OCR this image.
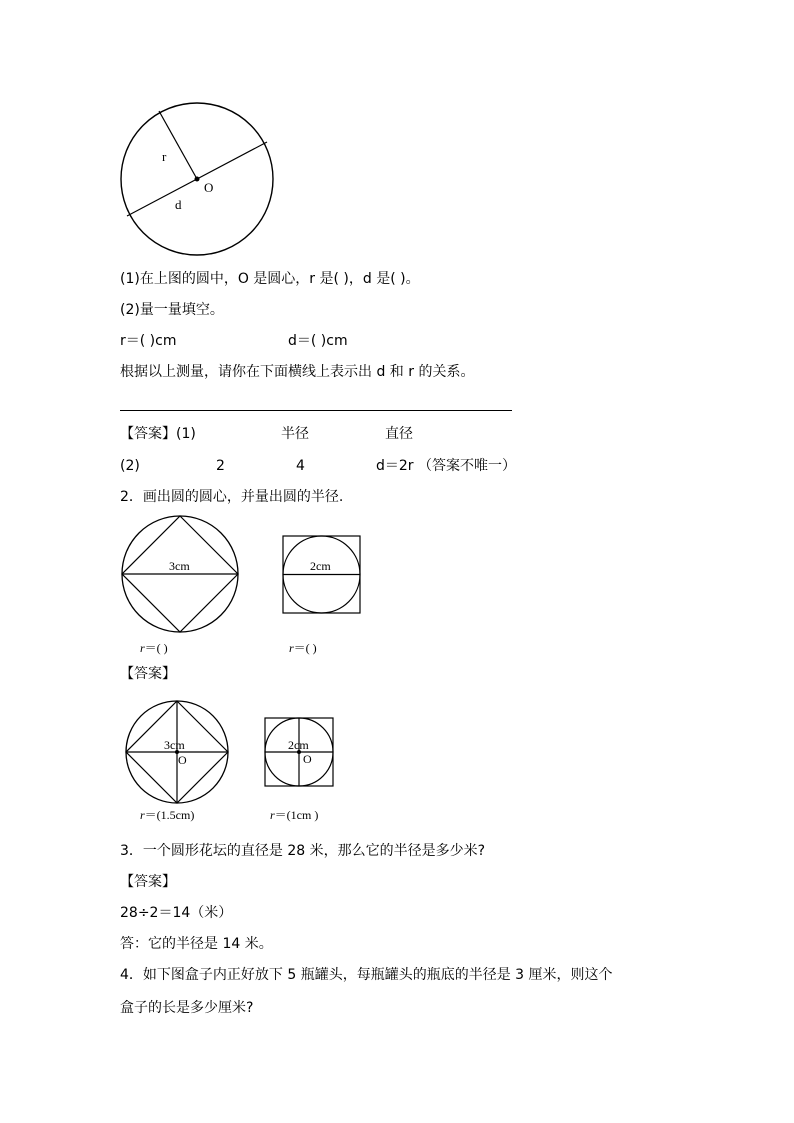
r
O
d
(1)在上图的圆中，O 是圆心，r 是( )，d 是( )。
(2)量一量填空。
r＝( )cm	d＝( )cm
根据以上测量，请你在下面横线上表示出 d 和 r 的关系。
【答案】(1)	半径	直径
(2)	2	4	d＝2r （答案不唯一）
2．画出圆的圆心，并量出圆的半径.
3cm
r＝( )
2cm
r＝( )
【答案】
3cm
O
r＝(1.5cm)
2cm
O
r＝(1cm )
3．一个圆形花坛的直径是 28 米，那么它的半径是多少米?
【答案】
28÷2＝14（米）
答：它的半径是 14 米。
4．如下图盒子内正好放下 5 瓶罐头，每瓶罐头的瓶底的半径是 3 厘米，则这个
盒子的长是多少厘米?
